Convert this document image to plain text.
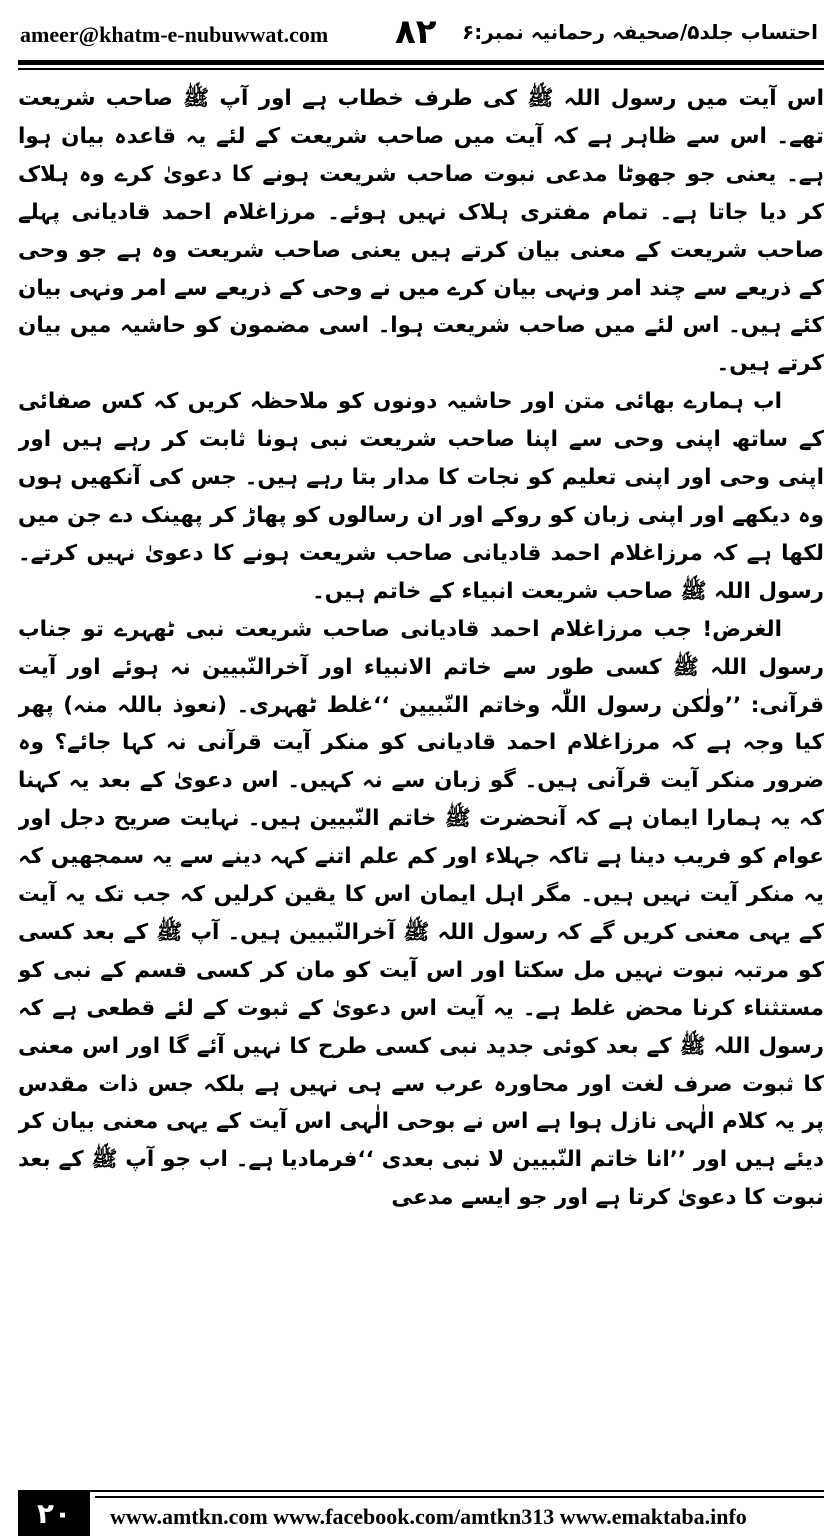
ameer@khatm-e-nubuwwat.com ۸۲ احتساب جلد۵/صحیفہ رحمانیہ نمبر:۶

اس آیت میں رسول اللہ ﷺ کی طرف خطاب ہے اور آپ ﷺ صاحب شریعت تھے۔ اس سے ظاہر ہے کہ آیت میں صاحب شریعت کے لئے یہ قاعدہ بیان ہوا ہے۔ یعنی جو جھوٹا مدعی نبوت صاحب شریعت ہونے کا دعویٰ کرے وہ ہلاک کر دیا جاتا ہے۔ تمام مفتری ہلاک نہیں ہوئے۔ مرزاغلام احمد قادیانی پہلے صاحب شریعت کے معنی بیان کرتے ہیں یعنی صاحب شریعت وہ ہے جو وحی کے ذریعے سے چند امر ونہی بیان کرے میں نے وحی کے ذریعے سے امر ونہی بیان کئے ہیں۔ اس لئے میں صاحب شریعت ہوا۔ اسی مضمون کو حاشیہ میں بیان کرتے ہیں۔

اب ہمارے بھائی متن اور حاشیہ دونوں کو ملاحظہ کریں کہ کس صفائی کے ساتھ اپنی وحی سے اپنا صاحب شریعت نبی ہونا ثابت کر رہے ہیں اور اپنی وحی اور اپنی تعلیم کو نجات کا مدار بتا رہے ہیں۔ جس کی آنکھیں ہوں وہ دیکھے اور اپنی زبان کو روکے اور ان رسالوں کو پھاڑ کر پھینک دے جن میں لکھا ہے کہ مرزاغلام احمد قادیانی صاحب شریعت ہونے کا دعویٰ نہیں کرتے۔ رسول اللہ ﷺ صاحب شریعت انبیاء کے خاتم ہیں۔

الغرض! جب مرزاغلام احمد قادیانی صاحب شریعت نبی ٹھہرے تو جناب رسول اللہ ﷺ کسی طور سے خاتم الانبیاء اور آخرالنّبیین نہ ہوئے اور آیت قرآنی: ’’ولٰکن رسول اللّٰہ وخاتم النّبیین ‘‘غلط ٹھہری۔ (نعوذ باللہ منہ) پھر کیا وجہ ہے کہ مرزاغلام احمد قادیانی کو منکر آیت قرآنی نہ کہا جائے؟ وہ ضرور منکر آیت قرآنی ہیں۔ گو زبان سے نہ کہیں۔ اس دعویٰ کے بعد یہ کہنا کہ یہ ہمارا ایمان ہے کہ آنحضرت ﷺ خاتم النّبیین ہیں۔ نہایت صریح دجل اور عوام کو فریب دینا ہے تاکہ جہلاء اور کم علم اتنے کہہ دینے سے یہ سمجھیں کہ یہ منکر آیت نہیں ہیں۔ مگر اہل ایمان اس کا یقین کرلیں کہ جب تک یہ آیت کے یہی معنی کریں گے کہ رسول اللہ ﷺ آخرالنّبیین ہیں۔ آپ ﷺ کے بعد کسی کو مرتبہ نبوت نہیں مل سکتا اور اس آیت کو مان کر کسی قسم کے نبی کو مستثناء کرنا محض غلط ہے۔ یہ آیت اس دعویٰ کے ثبوت کے لئے قطعی ہے کہ رسول اللہ ﷺ کے بعد کوئی جدید نبی کسی طرح کا نہیں آئے گا اور اس معنی کا ثبوت صرف لغت اور محاورہ عرب سے ہی نہیں ہے بلکہ جس ذات مقدس پر یہ کلام الٰہی نازل ہوا ہے اس نے بوحی الٰہی اس آیت کے یہی معنی بیان کر دیئے ہیں اور ’’انا خاتم النّبیین لا نبی بعدی ‘‘فرمادیا ہے۔ اب جو آپ ﷺ کے بعد نبوت کا دعویٰ کرتا ہے اور جو ایسے مدعی

۲۰	www.amtkn.com www.facebook.com/amtkn313 www.emaktaba.info
